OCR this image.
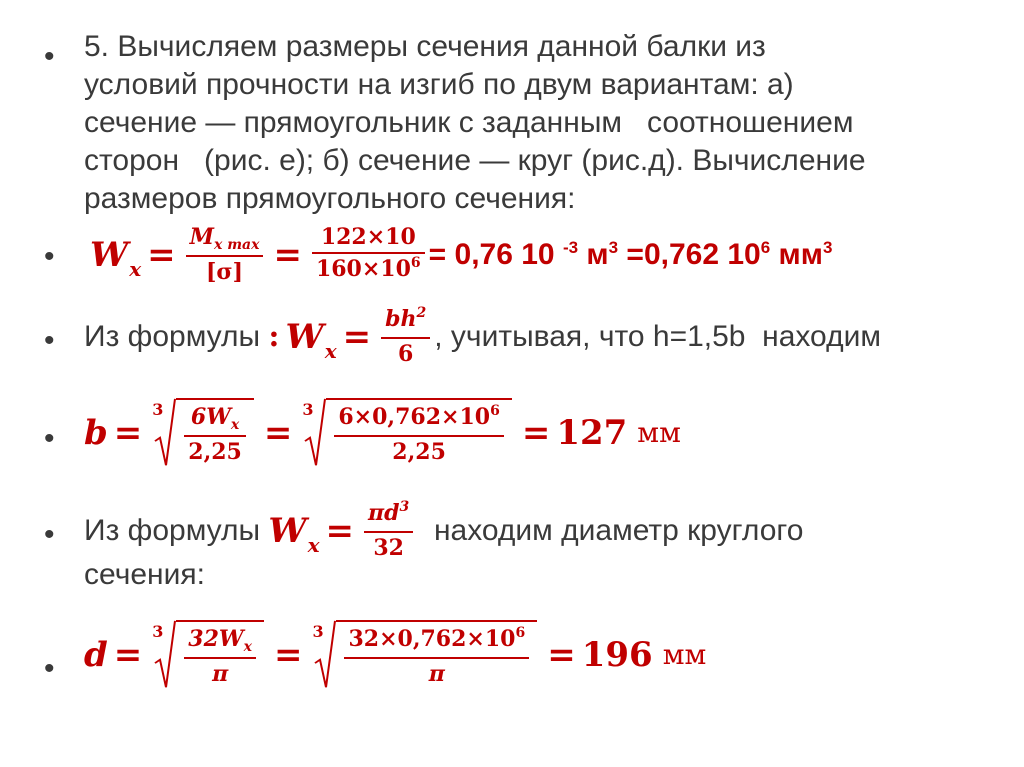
•
•
•
•
•
•
5. Вычисляем размеры сечения данной балки из
условий прочности на изгиб по двум вариантам: а)
сечение — прямоугольник с заданным   соотношением
сторон   (рис. е); б) сечение — круг (рис.д). Вычисление
размеров прямоугольного сечения:
$W_x = \frac{M_{x max}}{[\sigma]} = \frac{122\times 10}{160\times 10^6} = 0,76$ 10 $^{-3}$ $м^3 =0,762$ $10^6$ $мм^3$
Из формулы : $W_x = \frac{bh^2}{6}$ , учитывая, что h=1,5b  находим
b =
$3 \frac{6W_x}{2,25}$ =
$3 \frac{6\times 0,762\times 10^6}{2,25} = 127$ мм
Из формулы $W_x = \frac{\pi d^3}{32}$ находим диаметр круглого
сечения:
d =
$3 \frac{32W_x}{\pi}$ =
$3 \frac{32\times 0,762\times 10^6}{\pi} = 196$ мм
